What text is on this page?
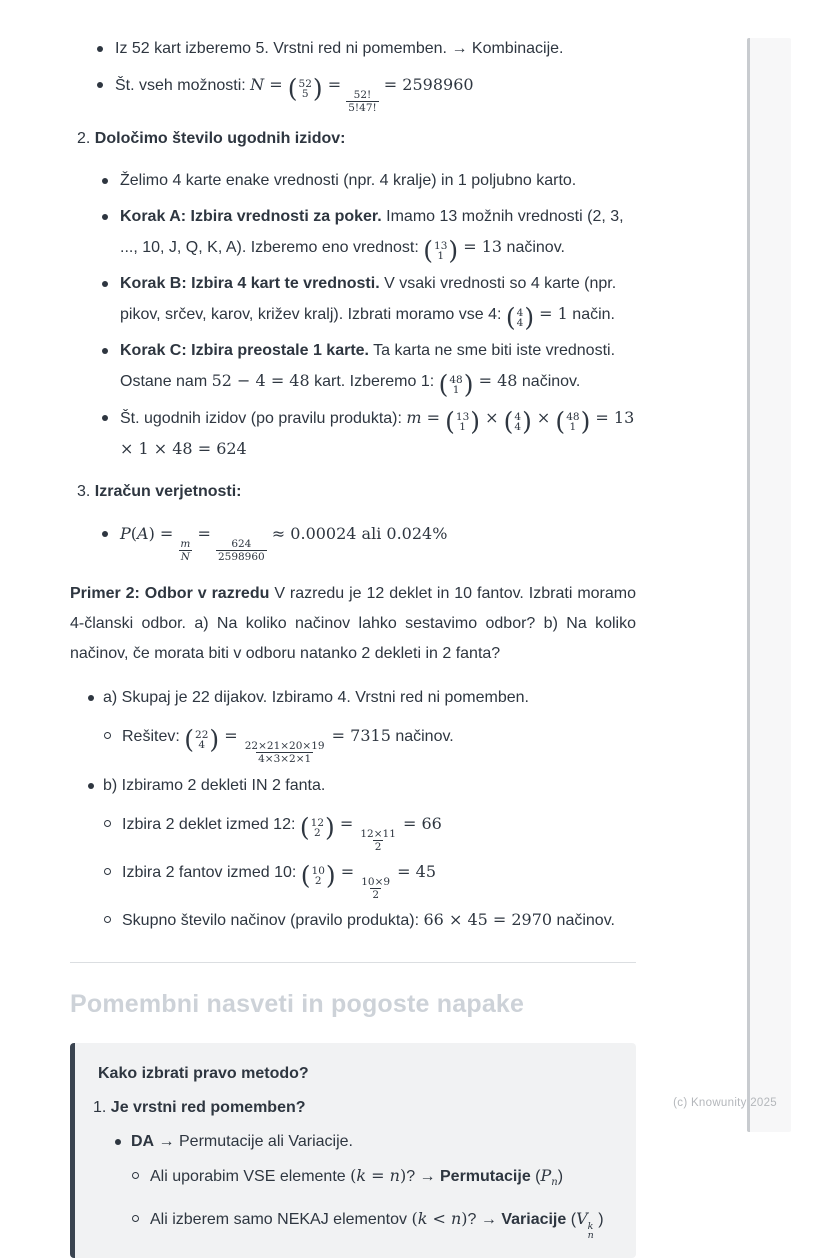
Iz 52 kart izberemo 5. Vrstni red ni pomemben. → Kombinacije.
Št. vseh možnosti: N = ( 52
5 ) =
$\frac{52!}{5!47!}$
= 2598960
2. Določimo število ugodnih izidov:
Želimo 4 karte enake vrednosti (npr. 4 kralje) in 1 poljubno karto.
Korak A: Izbira vrednosti za poker. Imamo 13 možnih vrednosti (2, 3, ..., 10, J, Q, K, A). Izberemo eno vrednost: ( 13
1 ) = 13 načinov.
Korak B: Izbira 4 kart te vrednosti. V vsaki vrednosti so 4 karte (npr. pikov, srčev, karov, križev kralj). Izbrati moramo vse 4: ( 4
4 ) = 1 način.
Korak C: Izbira preostale 1 karte. Ta karta ne sme biti iste vrednosti. Ostane nam 52 − 4 = 48 kart. Izberemo 1: ( 48
1 ) = 48 načinov.
Št. ugodnih izidov (po pravilu produkta): m = ( 13
1 ) × ( 4
4 ) × ( 48
1 ) = 13 × 1 × 48 = 624
3. Izračun verjetnosti:
P(A) =
$\frac{m}{N}$
=
$\frac{624}{2598960}$
≈ 0.00024 ali 0.024%
Primer 2: Odbor v razredu V razredu je 12 deklet in 10 fantov. Izbrati moramo 4-članski odbor. a) Na koliko načinov lahko sestavimo odbor? b) Na koliko načinov, če morata biti v odboru natanko 2 dekleti in 2 fanta?
a) Skupaj je 22 dijakov. Izbiramo 4. Vrstni red ni pomemben.
Rešitev: ( 22
4 ) =
$\frac{22\times 21\times 20\times 19}{4\times 3\times 2\times 1}$
= 7315 načinov.
b) Izbiramo 2 dekleti IN 2 fanta.
Izbira 2 deklet izmed 12: ( 12
2 ) =
$\frac{12\times 11}{2}$
= 66
Izbira 2 fantov izmed 10: ( 10
2 ) =
$\frac{10\times 9}{2}$
= 45
Skupno število načinov (pravilo produkta): 66 × 45 = 2970 načinov.
Pomembni nasveti in pogoste napake
Kako izbrati pravo metodo?
1. Je vrstni red pomemben?
DA → Permutacije ali Variacije.
Ali uporabim VSE elemente (k = n)? → Permutacije $(P_n)$
Ali izberem samo NEKAJ elementov (k < n)? → Variacije (V k
n
)
(c) Knowunity 2025
